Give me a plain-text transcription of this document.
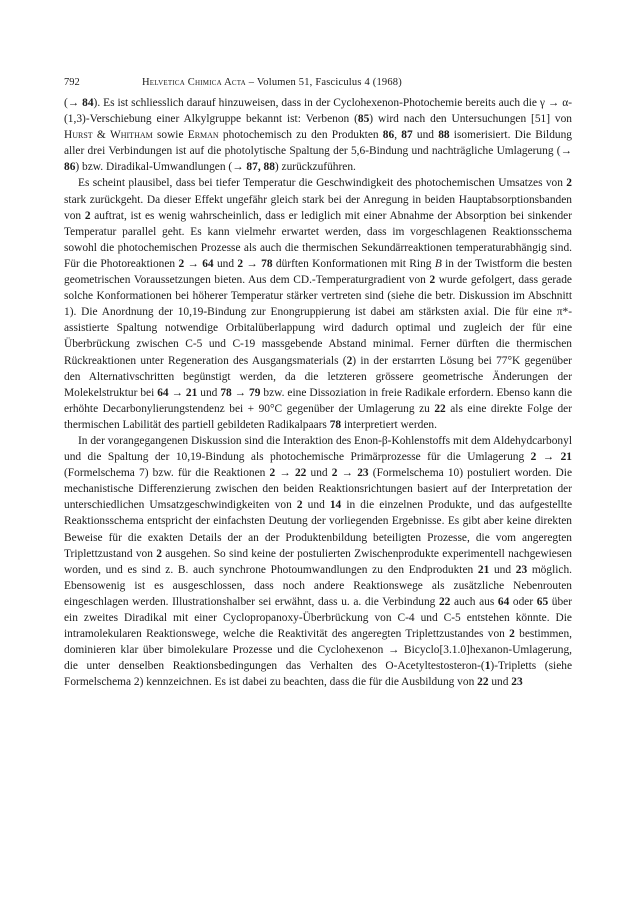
792	Helvetica Chimica Acta – Volumen 51, Fasciculus 4 (1968)

(→ 84). Es ist schliesslich darauf hinzuweisen, dass in der Cyclohexenon-Photochemie bereits auch die γ → α-(1,3)-Verschiebung einer Alkylgruppe bekannt ist: Verbenon (85) wird nach den Untersuchungen [51] von Hurst & Whitham sowie Erman photochemisch zu den Produkten 86, 87 und 88 isomerisiert. Die Bildung aller drei Verbindungen ist auf die photolytische Spaltung der 5,6-Bindung und nachträgliche Umlagerung (→ 86) bzw. Diradikal-Umwandlungen (→ 87, 88) zurückzuführen.

Es scheint plausibel, dass bei tiefer Temperatur die Geschwindigkeit des photochemischen Umsatzes von 2 stark zurückgeht. Da dieser Effekt ungefähr gleich stark bei der Anregung in beiden Hauptabsorptionsbanden von 2 auftrat, ist es wenig wahrscheinlich, dass er lediglich mit einer Abnahme der Absorption bei sinkender Temperatur parallel geht. Es kann vielmehr erwartet werden, dass im vorgeschlagenen Reaktionsschema sowohl die photochemischen Prozesse als auch die thermischen Sekundärreaktionen temperaturabhängig sind. Für die Photoreaktionen 2 → 64 und 2 → 78 dürften Konformationen mit Ring B in der Twistform die besten geometrischen Voraussetzungen bieten. Aus dem CD.-Temperaturgradient von 2 wurde gefolgert, dass gerade solche Konformationen bei höherer Temperatur stärker vertreten sind (siehe die betr. Diskussion im Abschnitt 1). Die Anordnung der 10,19-Bindung zur Enongruppierung ist dabei am stärksten axial. Die für eine π*-assistierte Spaltung notwendige Orbitalüberlappung wird dadurch optimal und zugleich der für eine Überbrückung zwischen C-5 und C-19 massgebende Abstand minimal. Ferner dürften die thermischen Rückreaktionen unter Regeneration des Ausgangsmaterials (2) in der erstarrten Lösung bei 77°K gegenüber den Alternativschritten begünstigt werden, da die letzteren grössere geometrische Änderungen der Molekelstruktur bei 64 → 21 und 78 → 79 bzw. eine Dissoziation in freie Radikale erfordern. Ebenso kann die erhöhte Decarbonylierungstendenz bei + 90°C gegenüber der Umlagerung zu 22 als eine direkte Folge der thermischen Labilität des partiell gebildeten Radikalpaars 78 interpretiert werden.

In der vorangegangenen Diskussion sind die Interaktion des Enon-β-Kohlenstoffs mit dem Aldehydcarbonyl und die Spaltung der 10,19-Bindung als photochemische Primärprozesse für die Umlagerung 2 → 21 (Formelschema 7) bzw. für die Reaktionen 2 → 22 und 2 → 23 (Formelschema 10) postuliert worden. Die mechanistische Differenzierung zwischen den beiden Reaktionsrichtungen basiert auf der Interpretation der unterschiedlichen Umsatzgeschwindigkeiten von 2 und 14 in die einzelnen Produkte, und das aufgestellte Reaktionsschema entspricht der einfachsten Deutung der vorliegenden Ergebnisse. Es gibt aber keine direkten Beweise für die exakten Details der an der Produktenbildung beteiligten Prozesse, die vom angeregten Triplettzustand von 2 ausgehen. So sind keine der postulierten Zwischenprodukte experimentell nachgewiesen worden, und es sind z. B. auch synchrone Photoumwandlungen zu den Endprodukten 21 und 23 möglich. Ebensowenig ist es ausgeschlossen, dass noch andere Reaktionswege als zusätzliche Nebenrouten eingeschlagen werden. Illustrationshalber sei erwähnt, dass u. a. die Verbindung 22 auch aus 64 oder 65 über ein zweites Diradikal mit einer Cyclopropanoxy-Überbrückung von C-4 und C-5 entstehen könnte. Die intramolekularen Reaktionswege, welche die Reaktivität des angeregten Triplettzustandes von 2 bestimmen, dominieren klar über bimolekulare Prozesse und die Cyclohexenon → Bicyclo[3.1.0]hexanon-Umlagerung, die unter denselben Reaktionsbedingungen das Verhalten des O-Acetyltestosteron-(1)-Tripletts (siehe Formelschema 2) kennzeichnen. Es ist dabei zu beachten, dass die für die Ausbildung von 22 und 23
